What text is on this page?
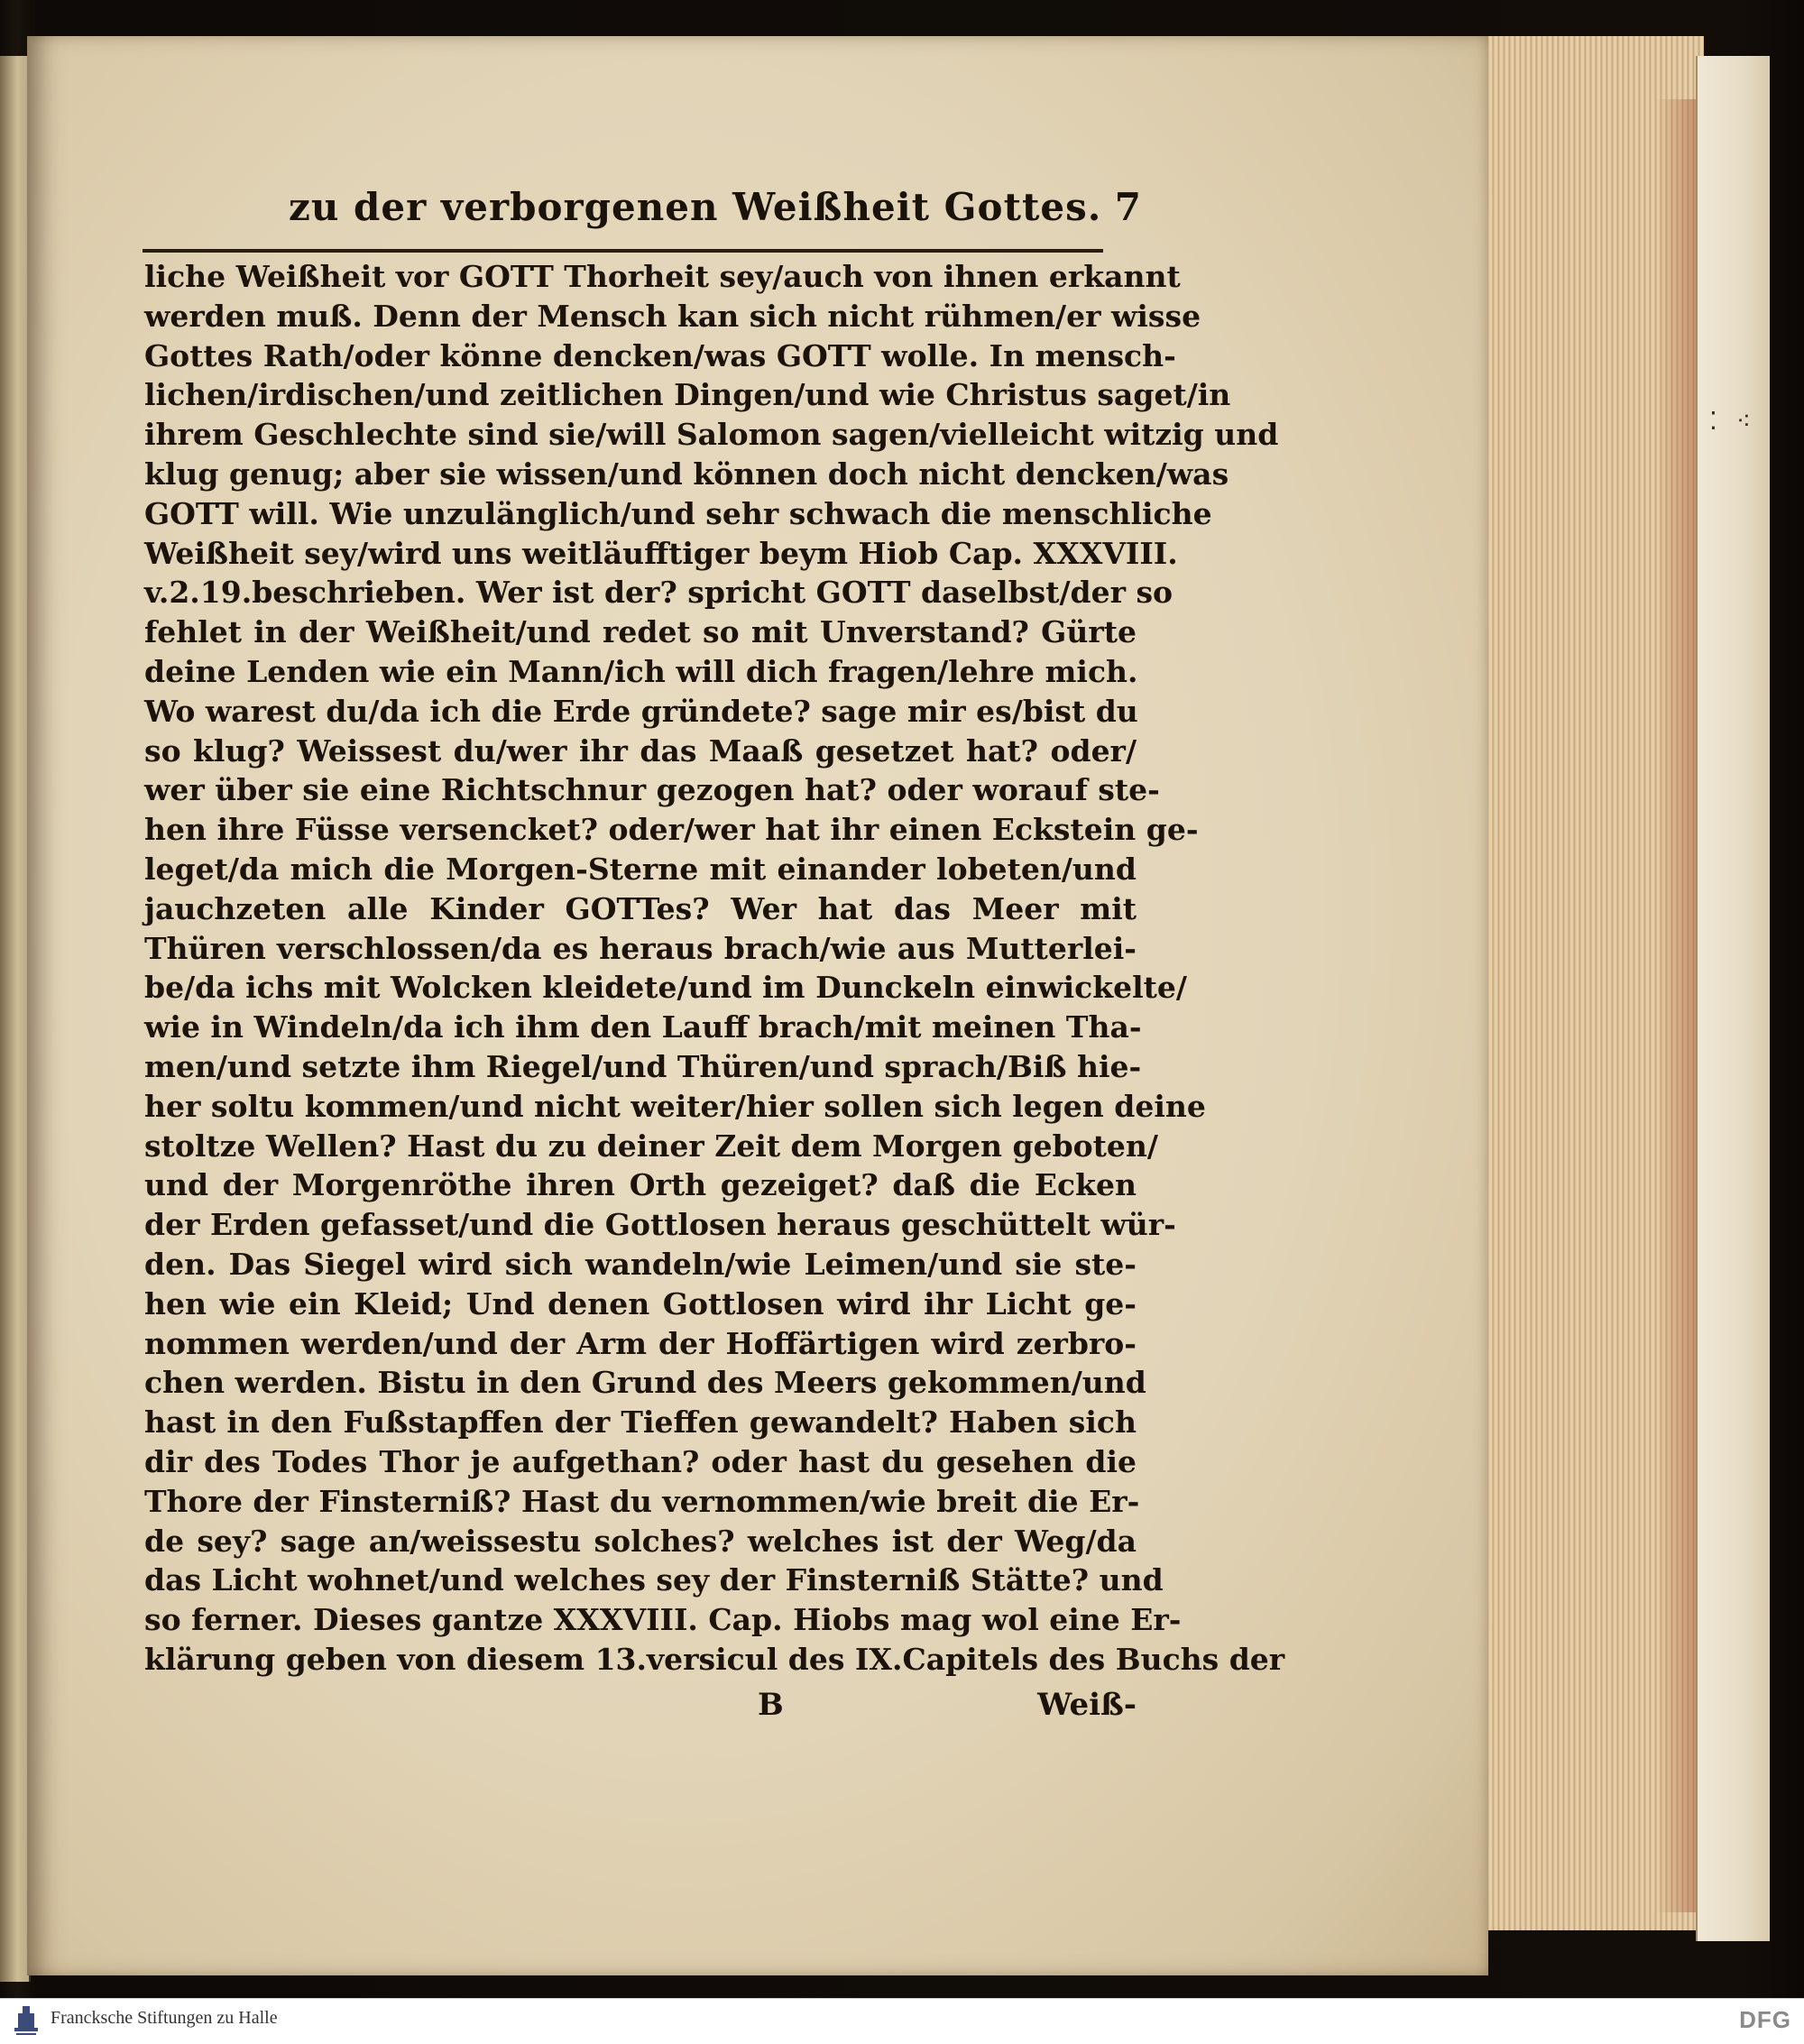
⁚ ⁖
zu der verborgenen Weißheit Gottes. 7
liche Weißheit vor GOTT Thorheit sey/auch von ihnen erkannt
werden muß. Denn der Mensch kan sich nicht rühmen/er wisse
Gottes Rath/oder könne dencken/was GOTT wolle. In mensch-
lichen/irdischen/und zeitlichen Dingen/und wie Christus saget/in
ihrem Geschlechte sind sie/will Salomon sagen/vielleicht witzig und
klug genug; aber sie wissen/und können doch nicht dencken/was
GOTT will. Wie unzulänglich/und sehr schwach die menschliche
Weißheit sey/wird uns weitläufftiger beym Hiob Cap. XXXVIII.
v.2.19.beschrieben. Wer ist der? spricht GOTT daselbst/der so
fehlet in der Weißheit/und redet so mit Unverstand? Gürte
deine Lenden wie ein Mann/ich will dich fragen/lehre mich.
Wo warest du/da ich die Erde gründete? sage mir es/bist du
so klug? Weissest du/wer ihr das Maaß gesetzet hat? oder/
wer über sie eine Richtschnur gezogen hat? oder worauf ste-
hen ihre Füsse versencket? oder/wer hat ihr einen Eckstein ge-
leget/da mich die Morgen-Sterne mit einander lobeten/und
jauchzeten alle Kinder GOTTes? Wer hat das Meer mit
Thüren verschlossen/da es heraus brach/wie aus Mutterlei-
be/da ichs mit Wolcken kleidete/und im Dunckeln einwickelte/
wie in Windeln/da ich ihm den Lauff brach/mit meinen Tha-
men/und setzte ihm Riegel/und Thüren/und sprach/Biß hie-
her soltu kommen/und nicht weiter/hier sollen sich legen deine
stoltze Wellen? Hast du zu deiner Zeit dem Morgen geboten/
und der Morgenröthe ihren Orth gezeiget? daß die Ecken
der Erden gefasset/und die Gottlosen heraus geschüttelt wür-
den. Das Siegel wird sich wandeln/wie Leimen/und sie ste-
hen wie ein Kleid; Und denen Gottlosen wird ihr Licht ge-
nommen werden/und der Arm der Hoffärtigen wird zerbro-
chen werden. Bistu in den Grund des Meers gekommen/und
hast in den Fußstapffen der Tieffen gewandelt? Haben sich
dir des Todes Thor je aufgethan? oder hast du gesehen die
Thore der Finsterniß? Hast du vernommen/wie breit die Er-
de sey? sage an/weissestu solches? welches ist der Weg/da
das Licht wohnet/und welches sey der Finsterniß Stätte? und
so ferner. Dieses gantze XXXVIII. Cap. Hiobs mag wol eine Er-
klärung geben von diesem 13.versicul des IX.Capitels des Buchs der
B	Weiß-
Francksche Stiftungen zu Halle	DFG
